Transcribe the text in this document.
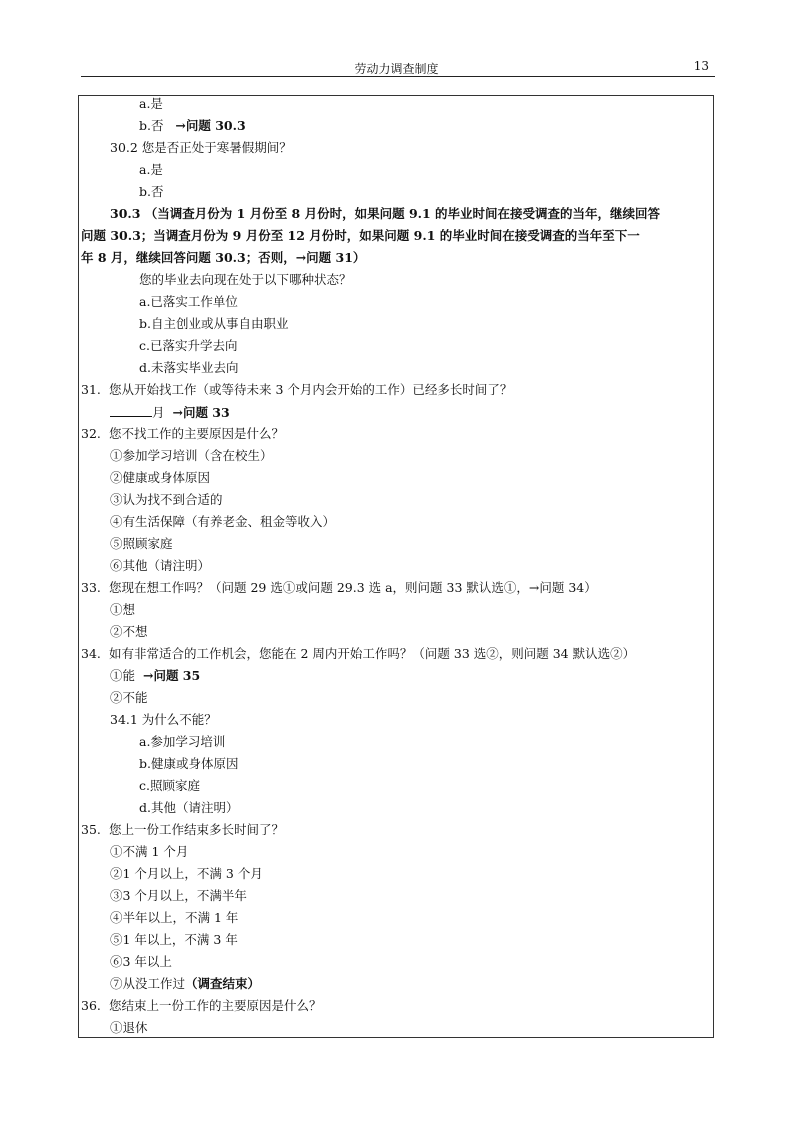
劳动力调查制度	13
a.是
b.否 →问题 30.3
30.2 您是否正处于寒暑假期间？
a.是
b.否
30.3 （当调查月份为 1 月份至 8 月份时，如果问题 9.1 的毕业时间在接受调查的当年，继续回答
问题 30.3；当调查月份为 9 月份至 12 月份时，如果问题 9.1 的毕业时间在接受调查的当年至下一
年 8 月，继续回答问题 30.3；否则，→问题 31）
您的毕业去向现在处于以下哪种状态？
a.已落实工作单位
b.自主创业或从事自由职业
c.已落实升学去向
d.未落实毕业去向
31. 您从开始找工作（或等待未来 3 个月内会开始的工作）已经多长时间了？
月 →问题 33
32. 您不找工作的主要原因是什么？
①参加学习培训（含在校生）
②健康或身体原因
③认为找不到合适的
④有生活保障（有养老金、租金等收入）
⑤照顾家庭
⑥其他（请注明）
33. 您现在想工作吗？（问题 29 选①或问题 29.3 选 a，则问题 33 默认选①，→问题 34）
①想
②不想
34. 如有非常适合的工作机会，您能在 2 周内开始工作吗？（问题 33 选②，则问题 34 默认选②）
①能 →问题 35
②不能
34.1 为什么不能？
a.参加学习培训
b.健康或身体原因
c.照顾家庭
d.其他（请注明）
35. 您上一份工作结束多长时间了？
①不满 1 个月
②1 个月以上，不满 3 个月
③3 个月以上，不满半年
④半年以上，不满 1 年
⑤1 年以上，不满 3 年
⑥3 年以上
⑦从没工作过（调查结束）
36. 您结束上一份工作的主要原因是什么？
①退休
